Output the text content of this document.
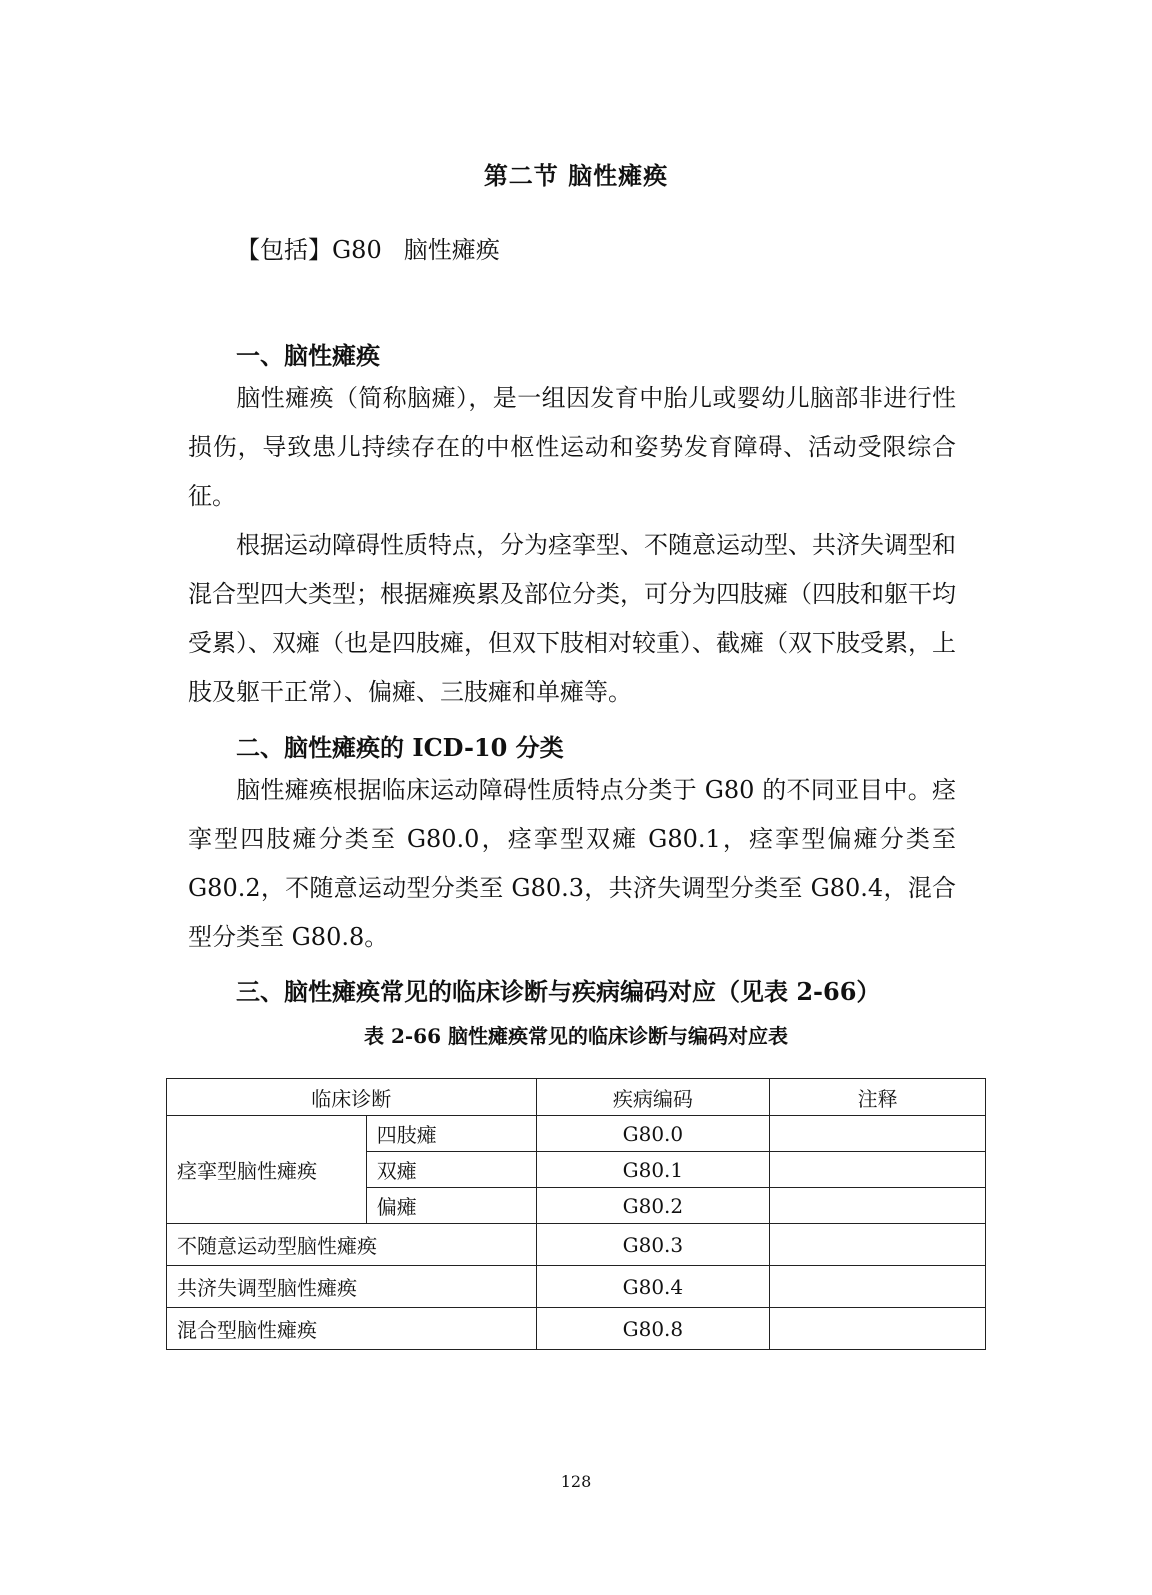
第二节 脑性瘫痪
【包括】G80 脑性瘫痪
一、脑性瘫痪

脑性瘫痪（简称脑瘫），是一组因发育中胎儿或婴幼儿脑部非进行性损伤，导致患儿持续存在的中枢性运动和姿势发育障碍、活动受限综合征。

根据运动障碍性质特点，分为痉挛型、不随意运动型、共济失调型和混合型四大类型；根据瘫痪累及部位分类，可分为四肢瘫（四肢和躯干均受累）、双瘫（也是四肢瘫，但双下肢相对较重）、截瘫（双下肢受累，上肢及躯干正常）、偏瘫、三肢瘫和单瘫等。

二、脑性瘫痪的 ICD-10 分类

脑性瘫痪根据临床运动障碍性质特点分类于 G80 的不同亚目中。痉挛型四肢瘫分类至 G80.0，痉挛型双瘫 G80.1，痉挛型偏瘫分类至 G80.2，不随意运动型分类至 G80.3，共济失调型分类至 G80.4，混合型分类至 G80.8。

三、脑性瘫痪常见的临床诊断与疾病编码对应（见表 2-66）
表 2-66 脑性瘫痪常见的临床诊断与编码对应表
临床诊断		疾病编码	注释
痉挛型脑性瘫痪	四肢瘫	G80.0	
	双瘫	G80.1	
	偏瘫	G80.2	
不随意运动型脑性瘫痪		G80.3	
共济失调型脑性瘫痪		G80.4	
混合型脑性瘫痪		G80.8	
128
